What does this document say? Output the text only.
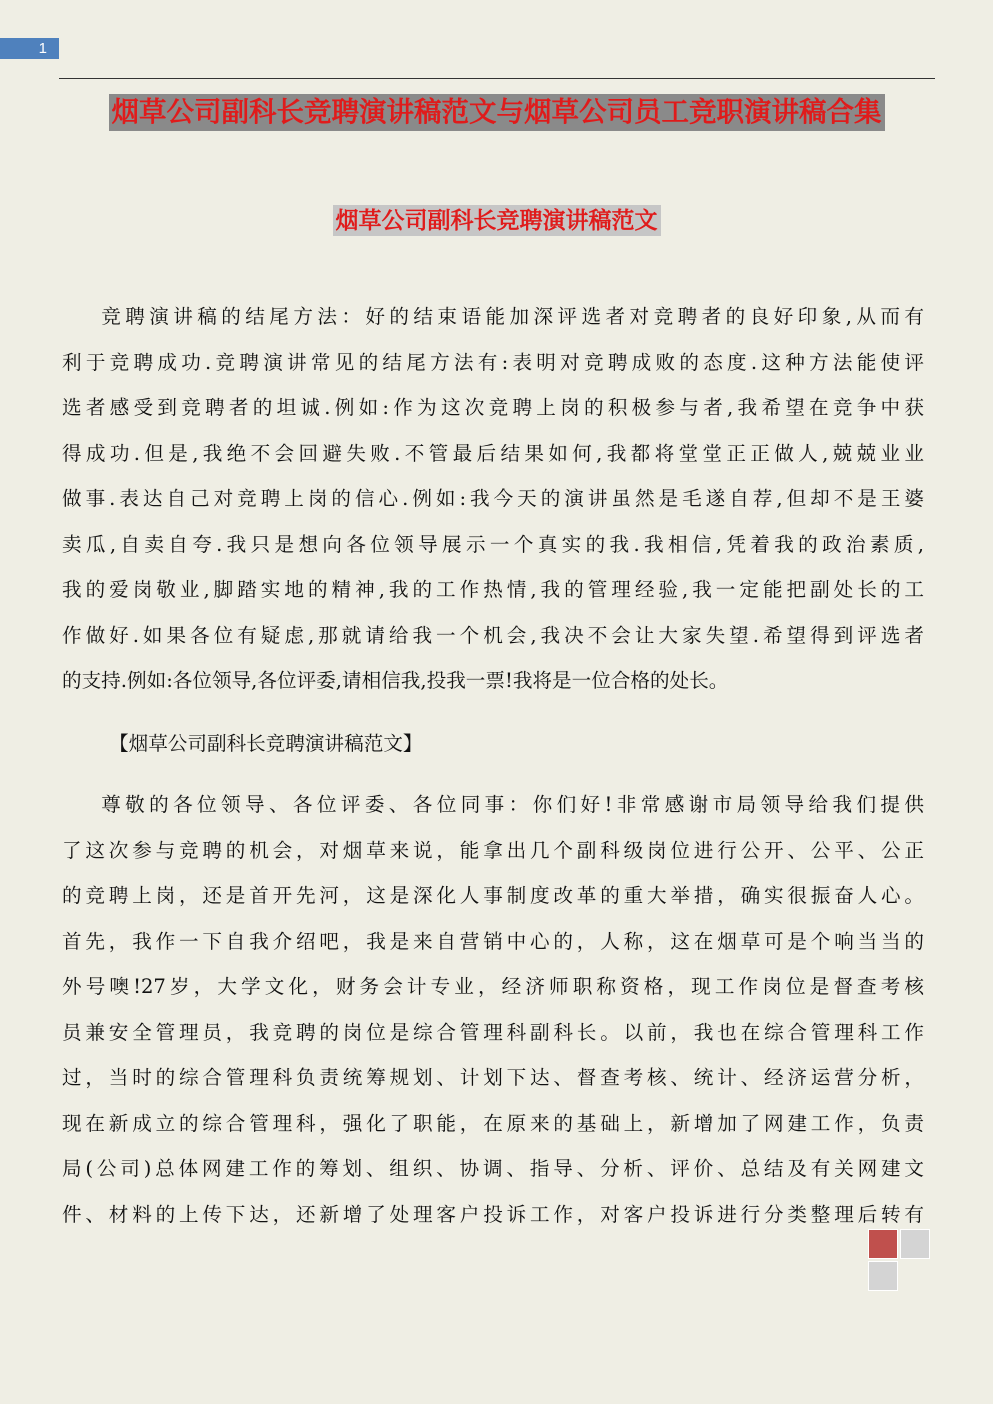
1
烟草公司副科长竞聘演讲稿范文与烟草公司员工竞职演讲稿合集
烟草公司副科长竞聘演讲稿范文
竞聘演讲稿的结尾方法：好的结束语能加深评选者对竞聘者的良好印象,从而有
利于竞聘成功.竞聘演讲常见的结尾方法有:表明对竞聘成败的态度.这种方法能使评
选者感受到竞聘者的坦诚.例如:作为这次竞聘上岗的积极参与者,我希望在竞争中获
得成功.但是,我绝不会回避失败.不管最后结果如何,我都将堂堂正正做人,兢兢业业
做事.表达自己对竞聘上岗的信心.例如:我今天的演讲虽然是毛遂自荐,但却不是王婆
卖瓜,自卖自夸.我只是想向各位领导展示一个真实的我.我相信,凭着我的政治素质,
我的爱岗敬业,脚踏实地的精神,我的工作热情,我的管理经验,我一定能把副处长的工
作做好.如果各位有疑虑,那就请给我一个机会,我决不会让大家失望.希望得到评选者
的支持.例如:各位领导,各位评委,请相信我,投我一票!我将是一位合格的处长。
【烟草公司副科长竞聘演讲稿范文】
尊敬的各位领导、各位评委、各位同事：你们好!非常感谢市局领导给我们提供
了这次参与竞聘的机会，对烟草来说，能拿出几个副科级岗位进行公开、公平、公正
的竞聘上岗，还是首开先河，这是深化人事制度改革的重大举措，确实很振奋人心。
首先，我作一下自我介绍吧，我是来自营销中心的，人称，这在烟草可是个响当当的
外号噢!27岁，大学文化，财务会计专业，经济师职称资格，现工作岗位是督查考核
员兼安全管理员，我竞聘的岗位是综合管理科副科长。以前，我也在综合管理科工作
过，当时的综合管理科负责统筹规划、计划下达、督查考核、统计、经济运营分析，
现在新成立的综合管理科，强化了职能，在原来的基础上，新增加了网建工作，负责
局(公司)总体网建工作的筹划、组织、协调、指导、分析、评价、总结及有关网建文
件、材料的上传下达，还新增了处理客户投诉工作，对客户投诉进行分类整理后转有
